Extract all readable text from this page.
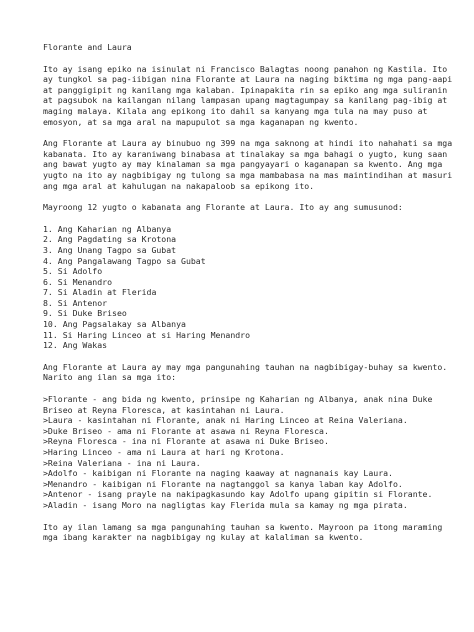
Florante and Laura
Ito ay isang epiko na isinulat ni Francisco Balagtas noong panahon ng Kastila. Ito
ay tungkol sa pag-iibigan nina Florante at Laura na naging biktima ng mga pang-aapi
at panggigipit ng kanilang mga kalaban. Ipinapakita rin sa epiko ang mga suliranin
at pagsubok na kailangan nilang lampasan upang magtagumpay sa kanilang pag-ibig at
maging malaya. Kilala ang epikong ito dahil sa kanyang mga tula na may puso at
emosyon, at sa mga aral na mapupulot sa mga kaganapan ng kwento.
Ang Florante at Laura ay binubuo ng 399 na mga saknong at hindi ito nahahati sa mga
kabanata. Ito ay karaniwang binabasa at tinalakay sa mga bahagi o yugto, kung saan
ang bawat yugto ay may kinalaman sa mga pangyayari o kaganapan sa kwento. Ang mga
yugto na ito ay nagbibigay ng tulong sa mga mambabasa na mas maintindihan at masuri
ang mga aral at kahulugan na nakapaloob sa epikong ito.
Mayroong 12 yugto o kabanata ang Florante at Laura. Ito ay ang sumusunod:
1. Ang Kaharian ng Albanya
2. Ang Pagdating sa Krotona
3. Ang Unang Tagpo sa Gubat
4. Ang Pangalawang Tagpo sa Gubat
5. Si Adolfo
6. Si Menandro
7. Si Aladin at Flerida
8. Si Antenor
9. Si Duke Briseo
10. Ang Pagsalakay sa Albanya
11. Si Haring Linceo at si Haring Menandro
12. Ang Wakas
Ang Florante at Laura ay may mga pangunahing tauhan na nagbibigay-buhay sa kwento.
Narito ang ilan sa mga ito:
>Florante - ang bida ng kwento, prinsipe ng Kaharian ng Albanya, anak nina Duke
Briseo at Reyna Floresca, at kasintahan ni Laura.
>Laura - kasintahan ni Florante, anak ni Haring Linceo at Reina Valeriana.
>Duke Briseo - ama ni Florante at asawa ni Reyna Floresca.
>Reyna Floresca - ina ni Florante at asawa ni Duke Briseo.
>Haring Linceo - ama ni Laura at hari ng Krotona.
>Reina Valeriana - ina ni Laura.
>Adolfo - kaibigan ni Florante na naging kaaway at nagnanais kay Laura.
>Menandro - kaibigan ni Florante na nagtanggol sa kanya laban kay Adolfo.
>Antenor - isang prayle na nakipagkasundo kay Adolfo upang gipitin si Florante.
>Aladin - isang Moro na nagligtas kay Flerida mula sa kamay ng mga pirata.
Ito ay ilan lamang sa mga pangunahing tauhan sa kwento. Mayroon pa itong maraming
mga ibang karakter na nagbibigay ng kulay at kalaliman sa kwento.
